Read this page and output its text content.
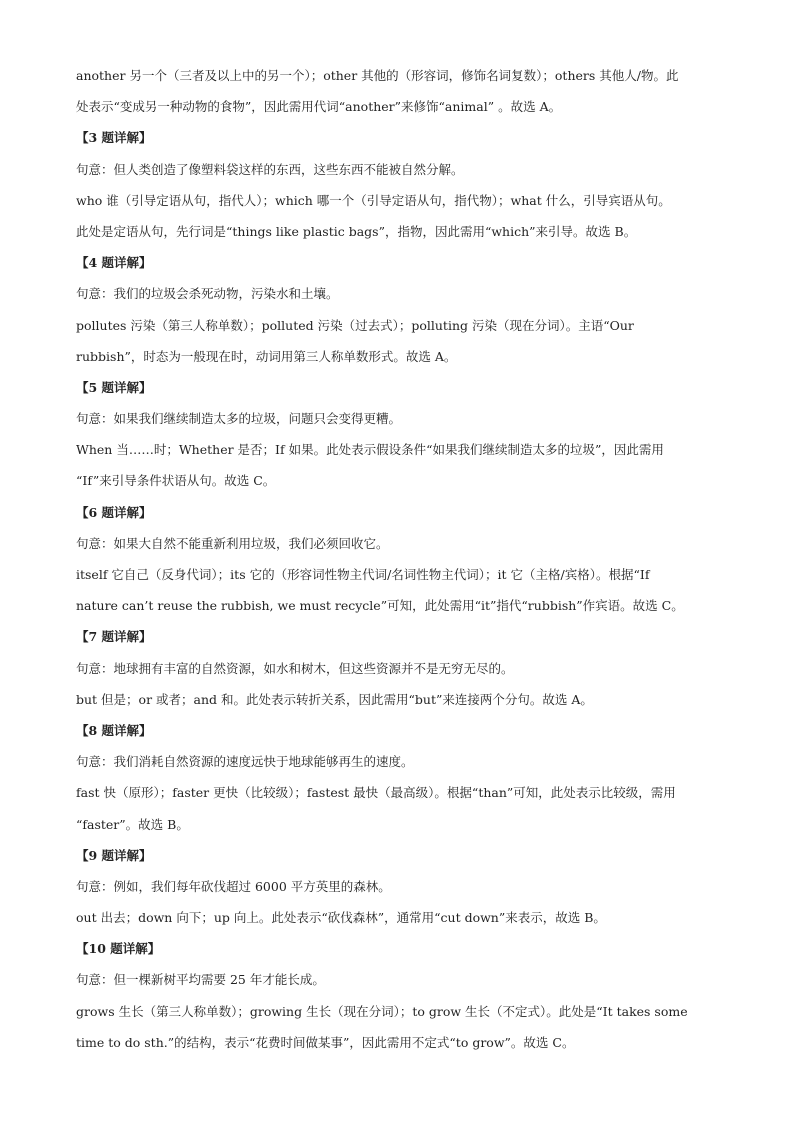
another 另一个（三者及以上中的另一个）；other 其他的（形容词，修饰名词复数）；others 其他人/物。此
处表示“变成另一种动物的食物”，因此需用代词“another”来修饰“animal” 。故选 A。
【3 题详解】
句意：但人类创造了像塑料袋这样的东西，这些东西不能被自然分解。
who 谁（引导定语从句，指代人）；which 哪一个（引导定语从句，指代物）；what 什么，引导宾语从句。
此处是定语从句，先行词是“things like plastic bags”，指物，因此需用“which”来引导。故选 B。
【4 题详解】
句意：我们的垃圾会杀死动物，污染水和土壤。
pollutes 污染（第三人称单数）；polluted 污染（过去式）；polluting 污染（现在分词）。主语“Our
rubbish”，时态为一般现在时，动词用第三人称单数形式。故选 A。
【5 题详解】
句意：如果我们继续制造太多的垃圾，问题只会变得更糟。
When 当……时；Whether 是否；If 如果。此处表示假设条件“如果我们继续制造太多的垃圾”，因此需用
“If”来引导条件状语从句。故选 C。
【6 题详解】
句意：如果大自然不能重新利用垃圾，我们必须回收它。
itself 它自己（反身代词）；its 它的（形容词性物主代词/名词性物主代词）；it 它（主格/宾格）。根据“If
nature can’t reuse the rubbish, we must recycle”可知，此处需用“it”指代“rubbish”作宾语。故选 C。
【7 题详解】
句意：地球拥有丰富的自然资源，如水和树木，但这些资源并不是无穷无尽的。
but 但是；or 或者；and 和。此处表示转折关系，因此需用“but”来连接两个分句。故选 A。
【8 题详解】
句意：我们消耗自然资源的速度远快于地球能够再生的速度。
fast 快（原形）；faster 更快（比较级）；fastest 最快（最高级）。根据“than”可知，此处表示比较级，需用
“faster”。故选 B。
【9 题详解】
句意：例如，我们每年砍伐超过 6000 平方英里的森林。
out 出去；down 向下；up 向上。此处表示“砍伐森林”，通常用“cut down”来表示，故选 B。
【10 题详解】
句意：但一棵新树平均需要 25 年才能长成。
grows 生长（第三人称单数）；growing 生长（现在分词）；to grow 生长（不定式）。此处是“It takes some
time to do sth.”的结构，表示“花费时间做某事”，因此需用不定式“to grow”。故选 C。
